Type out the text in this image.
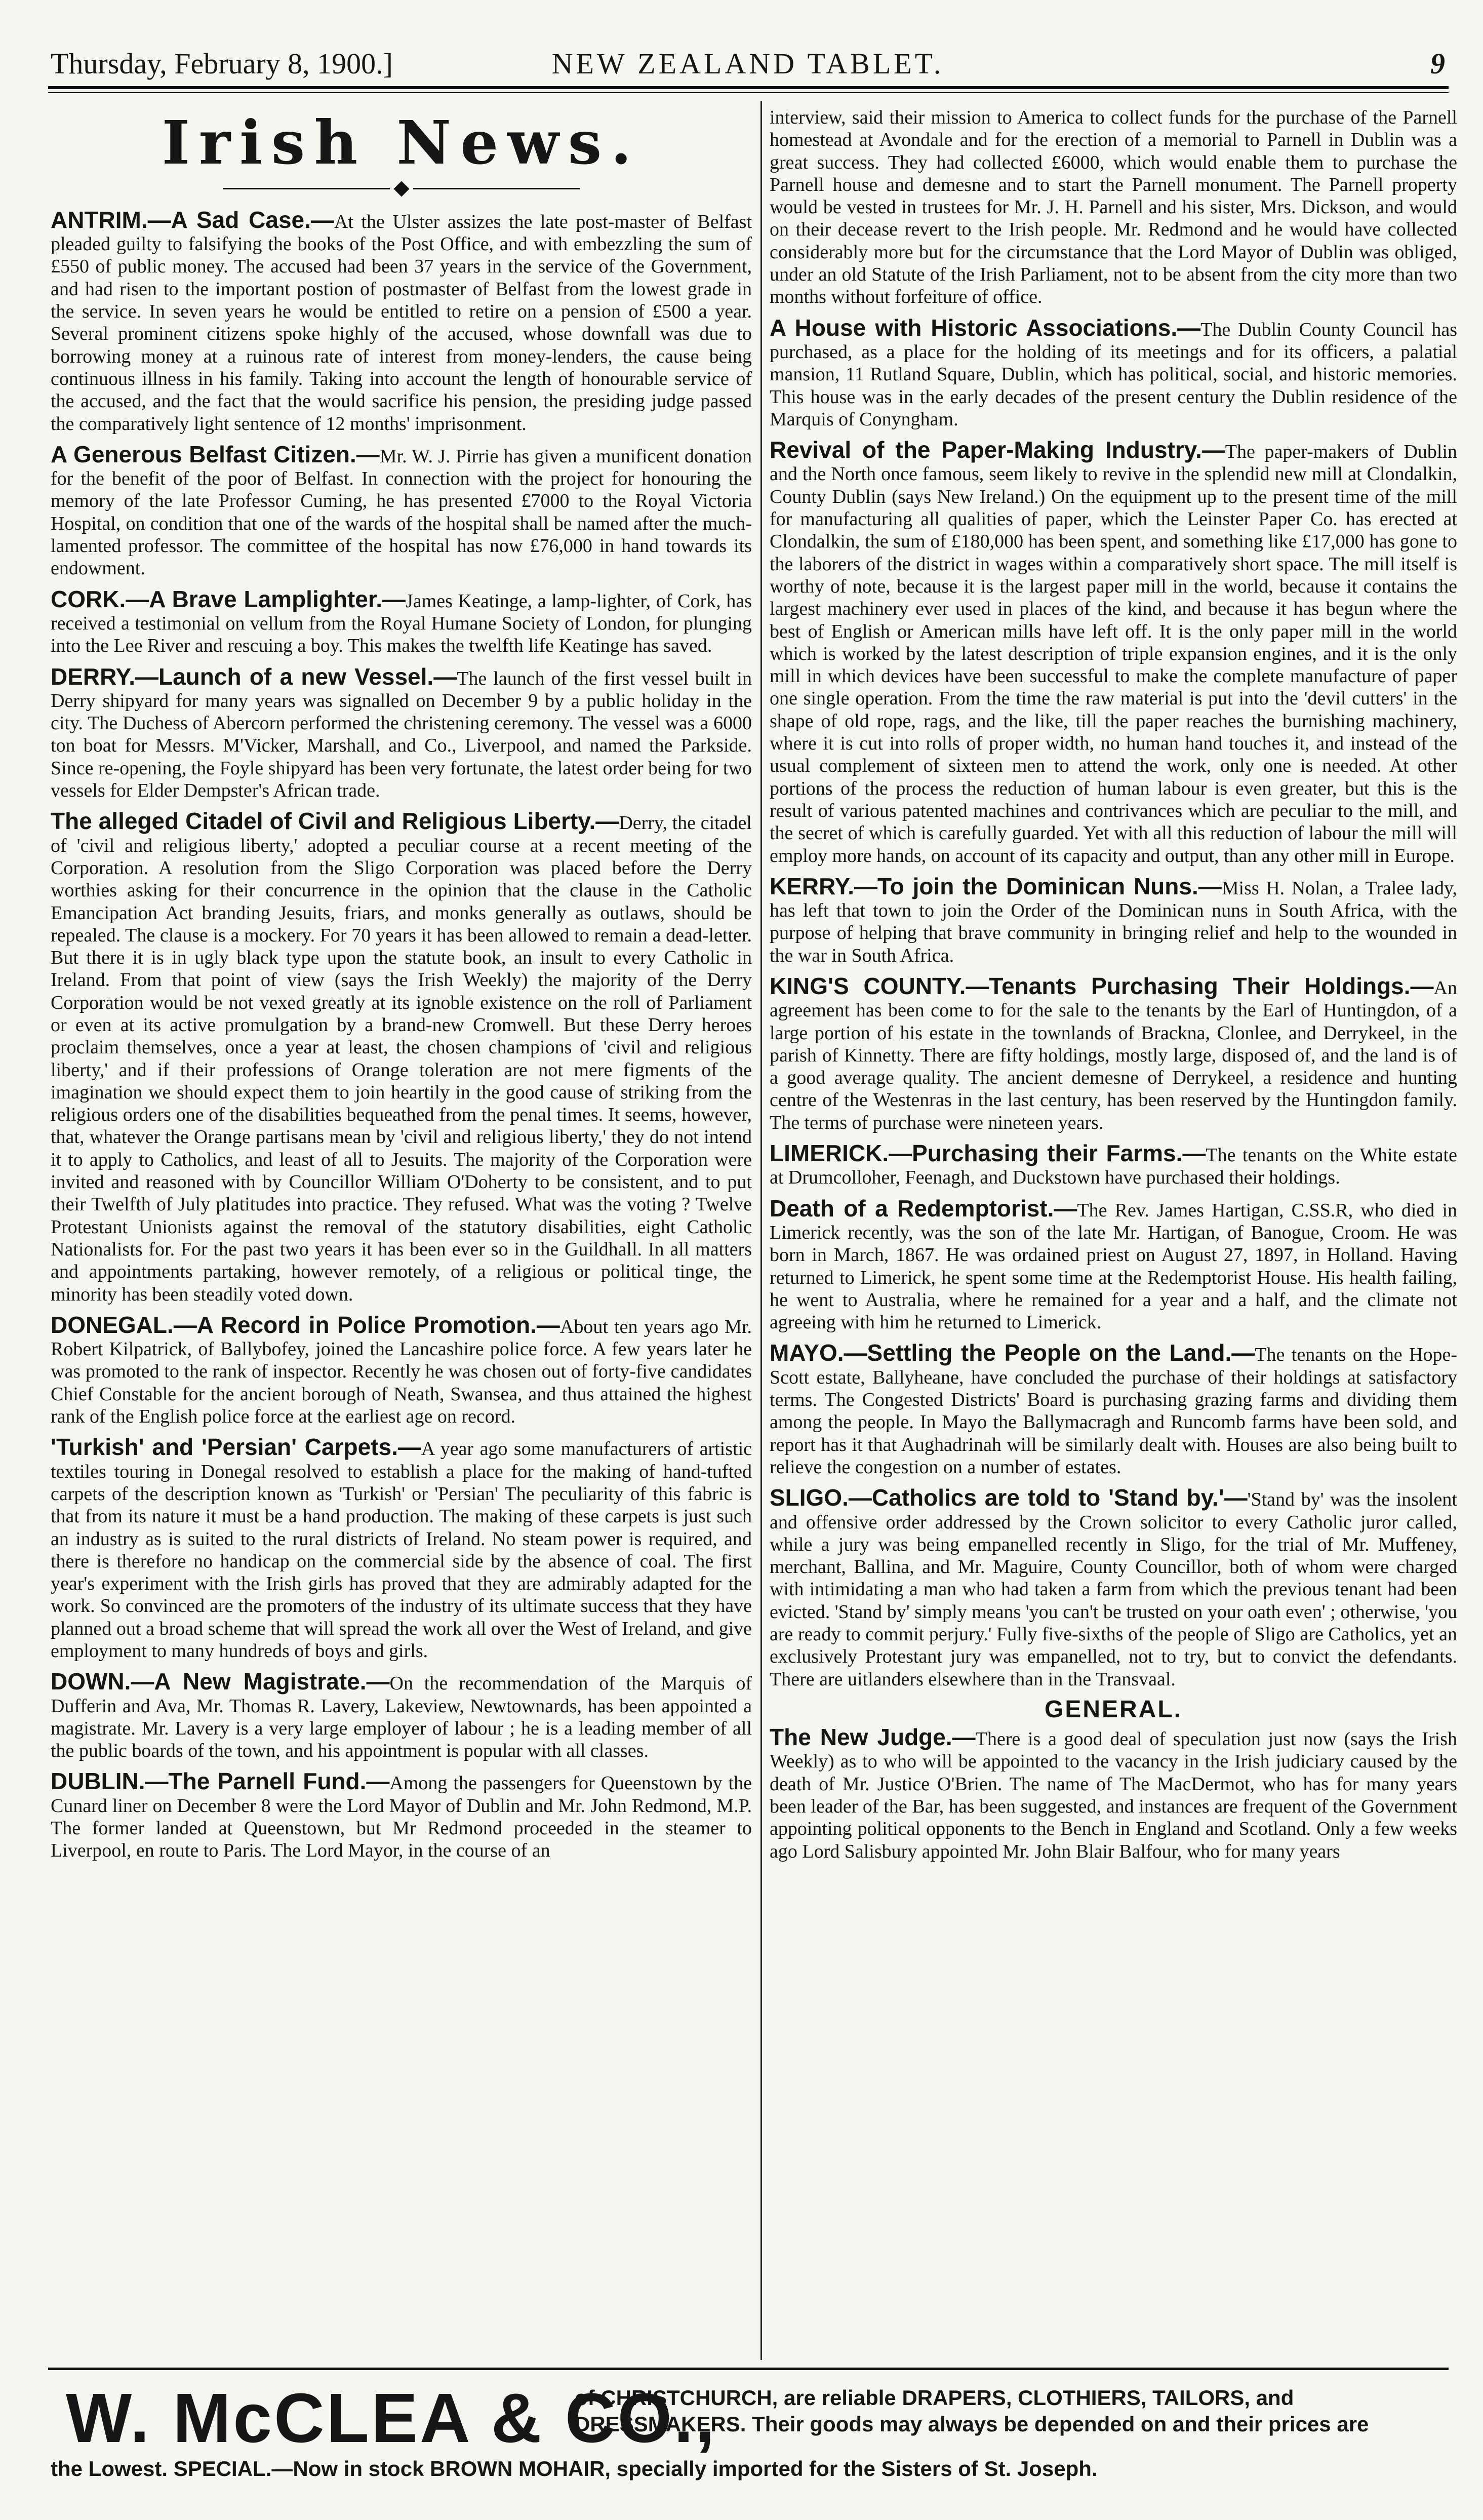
Thursday, February 8, 1900.]	NEW ZEALAND TABLET.	9
Irish News.

ANTRIM.—A Sad Case.—At the Ulster assizes the late post-master of Belfast pleaded guilty to falsifying the books of the Post Office, and with embezzling the sum of £550 of public money. The accused had been 37 years in the service of the Government, and had risen to the important postion of postmaster of Belfast from the lowest grade in the service. In seven years he would be entitled to retire on a pension of £500 a year. Several prominent citizens spoke highly of the accused, whose downfall was due to borrowing money at a ruinous rate of interest from money-lenders, the cause being continuous illness in his family. Taking into account the length of honourable service of the accused, and the fact that the would sacrifice his pension, the presiding judge passed the comparatively light sentence of 12 months' imprisonment.

A Generous Belfast Citizen.—Mr. W. J. Pirrie has given a munificent donation for the benefit of the poor of Belfast. In connection with the project for honouring the memory of the late Professor Cuming, he has presented £7000 to the Royal Victoria Hospital, on condition that one of the wards of the hospital shall be named after the much-lamented professor. The committee of the hospital has now £76,000 in hand towards its endowment.

CORK.—A Brave Lamplighter.—James Keatinge, a lamp-lighter, of Cork, has received a testimonial on vellum from the Royal Humane Society of London, for plunging into the Lee River and rescuing a boy. This makes the twelfth life Keatinge has saved.

DERRY.—Launch of a new Vessel.—The launch of the first vessel built in Derry shipyard for many years was signalled on December 9 by a public holiday in the city. The Duchess of Abercorn performed the christening ceremony. The vessel was a 6000 ton boat for Messrs. M'Vicker, Marshall, and Co., Liverpool, and named the Parkside. Since re-opening, the Foyle shipyard has been very fortunate, the latest order being for two vessels for Elder Dempster's African trade.

The alleged Citadel of Civil and Religious Liberty.—Derry, the citadel of 'civil and religious liberty,' adopted a peculiar course at a recent meeting of the Corporation. A resolution from the Sligo Corporation was placed before the Derry worthies asking for their concurrence in the opinion that the clause in the Catholic Emancipation Act branding Jesuits, friars, and monks generally as outlaws, should be repealed. The clause is a mockery. For 70 years it has been allowed to remain a dead-letter. But there it is in ugly black type upon the statute book, an insult to every Catholic in Ireland. From that point of view (says the Irish Weekly) the majority of the Derry Corporation would be not vexed greatly at its ignoble existence on the roll of Parliament or even at its active promulgation by a brand-new Cromwell. But these Derry heroes proclaim themselves, once a year at least, the chosen champions of 'civil and religious liberty,' and if their professions of Orange toleration are not mere figments of the imagination we should expect them to join heartily in the good cause of striking from the religious orders one of the disabilities bequeathed from the penal times. It seems, however, that, whatever the Orange partisans mean by 'civil and religious liberty,' they do not intend it to apply to Catholics, and least of all to Jesuits. The majority of the Corporation were invited and reasoned with by Councillor William O'Doherty to be consistent, and to put their Twelfth of July platitudes into practice. They refused. What was the voting ? Twelve Protestant Unionists against the removal of the statutory disabilities, eight Catholic Nationalists for. For the past two years it has been ever so in the Guildhall. In all matters and appointments partaking, however remotely, of a religious or political tinge, the minority has been steadily voted down.

DONEGAL.—A Record in Police Promotion.—About ten years ago Mr. Robert Kilpatrick, of Ballybofey, joined the Lancashire police force. A few years later he was promoted to the rank of inspector. Recently he was chosen out of forty-five candidates Chief Constable for the ancient borough of Neath, Swansea, and thus attained the highest rank of the English police force at the earliest age on record.

'Turkish' and 'Persian' Carpets.—A year ago some manufacturers of artistic textiles touring in Donegal resolved to establish a place for the making of hand-tufted carpets of the description known as 'Turkish' or 'Persian' The peculiarity of this fabric is that from its nature it must be a hand production. The making of these carpets is just such an industry as is suited to the rural districts of Ireland. No steam power is required, and there is therefore no handicap on the commercial side by the absence of coal. The first year's experiment with the Irish girls has proved that they are admirably adapted for the work. So convinced are the promoters of the industry of its ultimate success that they have planned out a broad scheme that will spread the work all over the West of Ireland, and give employment to many hundreds of boys and girls.

DOWN.—A New Magistrate.—On the recommendation of the Marquis of Dufferin and Ava, Mr. Thomas R. Lavery, Lakeview, Newtownards, has been appointed a magistrate. Mr. Lavery is a very large employer of labour ; he is a leading member of all the public boards of the town, and his appointment is popular with all classes.

DUBLIN.—The Parnell Fund.—Among the passengers for Queenstown by the Cunard liner on December 8 were the Lord Mayor of Dublin and Mr. John Redmond, M.P. The former landed at Queenstown, but Mr Redmond proceeded in the steamer to Liverpool, en route to Paris. The Lord Mayor, in the course of an

interview, said their mission to America to collect funds for the purchase of the Parnell homestead at Avondale and for the erection of a memorial to Parnell in Dublin was a great success. They had collected £6000, which would enable them to purchase the Parnell house and demesne and to start the Parnell monument. The Parnell property would be vested in trustees for Mr. J. H. Parnell and his sister, Mrs. Dickson, and would on their decease revert to the Irish people. Mr. Redmond and he would have collected considerably more but for the circumstance that the Lord Mayor of Dublin was obliged, under an old Statute of the Irish Parliament, not to be absent from the city more than two months without forfeiture of office.

A House with Historic Associations.—The Dublin County Council has purchased, as a place for the holding of its meetings and for its officers, a palatial mansion, 11 Rutland Square, Dublin, which has political, social, and historic memories. This house was in the early decades of the present century the Dublin residence of the Marquis of Conyngham.

Revival of the Paper-Making Industry.—The paper-makers of Dublin and the North once famous, seem likely to revive in the splendid new mill at Clondalkin, County Dublin (says New Ireland.) On the equipment up to the present time of the mill for manufacturing all qualities of paper, which the Leinster Paper Co. has erected at Clondalkin, the sum of £180,000 has been spent, and something like £17,000 has gone to the laborers of the district in wages within a comparatively short space. The mill itself is worthy of note, because it is the largest paper mill in the world, because it contains the largest machinery ever used in places of the kind, and because it has begun where the best of English or American mills have left off. It is the only paper mill in the world which is worked by the latest description of triple expansion engines, and it is the only mill in which devices have been successful to make the complete manufacture of paper one single operation. From the time the raw material is put into the 'devil cutters' in the shape of old rope, rags, and the like, till the paper reaches the burnishing machinery, where it is cut into rolls of proper width, no human hand touches it, and instead of the usual complement of sixteen men to attend the work, only one is needed. At other portions of the process the reduction of human labour is even greater, but this is the result of various patented machines and contrivances which are peculiar to the mill, and the secret of which is carefully guarded. Yet with all this reduction of labour the mill will employ more hands, on account of its capacity and output, than any other mill in Europe.

KERRY.—To join the Dominican Nuns.—Miss H. Nolan, a Tralee lady, has left that town to join the Order of the Dominican nuns in South Africa, with the purpose of helping that brave community in bringing relief and help to the wounded in the war in South Africa.

KING'S COUNTY.—Tenants Purchasing Their Holdings.—An agreement has been come to for the sale to the tenants by the Earl of Huntingdon, of a large portion of his estate in the townlands of Brackna, Clonlee, and Derrykeel, in the parish of Kinnetty. There are fifty holdings, mostly large, disposed of, and the land is of a good average quality. The ancient demesne of Derrykeel, a residence and hunting centre of the Westenras in the last century, has been reserved by the Huntingdon family. The terms of purchase were nineteen years.

LIMERICK.—Purchasing their Farms.—The tenants on the White estate at Drumcolloher, Feenagh, and Duckstown have purchased their holdings.

Death of a Redemptorist.—The Rev. James Hartigan, C.SS.R, who died in Limerick recently, was the son of the late Mr. Hartigan, of Banogue, Croom. He was born in March, 1867. He was ordained priest on August 27, 1897, in Holland. Having returned to Limerick, he spent some time at the Redemptorist House. His health failing, he went to Australia, where he remained for a year and a half, and the climate not agreeing with him he returned to Limerick.

MAYO.—Settling the People on the Land.—The tenants on the Hope-Scott estate, Ballyheane, have concluded the purchase of their holdings at satisfactory terms. The Congested Districts' Board is purchasing grazing farms and dividing them among the people. In Mayo the Ballymacragh and Runcomb farms have been sold, and report has it that Aughadrinah will be similarly dealt with. Houses are also being built to relieve the congestion on a number of estates.

SLIGO.—Catholics are told to 'Stand by.'—'Stand by' was the insolent and offensive order addressed by the Crown solicitor to every Catholic juror called, while a jury was being empanelled recently in Sligo, for the trial of Mr. Muffeney, merchant, Ballina, and Mr. Maguire, County Councillor, both of whom were charged with intimidating a man who had taken a farm from which the previous tenant had been evicted. 'Stand by' simply means 'you can't be trusted on your oath even' ; otherwise, 'you are ready to commit perjury.' Fully five-sixths of the people of Sligo are Catholics, yet an exclusively Protestant jury was empanelled, not to try, but to convict the defendants. There are uitlanders elsewhere than in the Transvaal.

GENERAL.

The New Judge.—There is a good deal of speculation just now (says the Irish Weekly) as to who will be appointed to the vacancy in the Irish judiciary caused by the death of Mr. Justice O'Brien. The name of The MacDermot, who has for many years been leader of the Bar, has been suggested, and instances are frequent of the Government appointing political opponents to the Bench in England and Scotland. Only a few weeks ago Lord Salisbury appointed Mr. John Blair Balfour, who for many years

W. McCLEA & CO.,
of CHRISTCHURCH, are reliable DRAPERS, CLOTHIERS, TAILORS, and
DRESSMAKERS. Their goods may always be depended on and their prices are
the Lowest. SPECIAL.—Now in stock BROWN MOHAIR, specially imported for the Sisters of St. Joseph.
